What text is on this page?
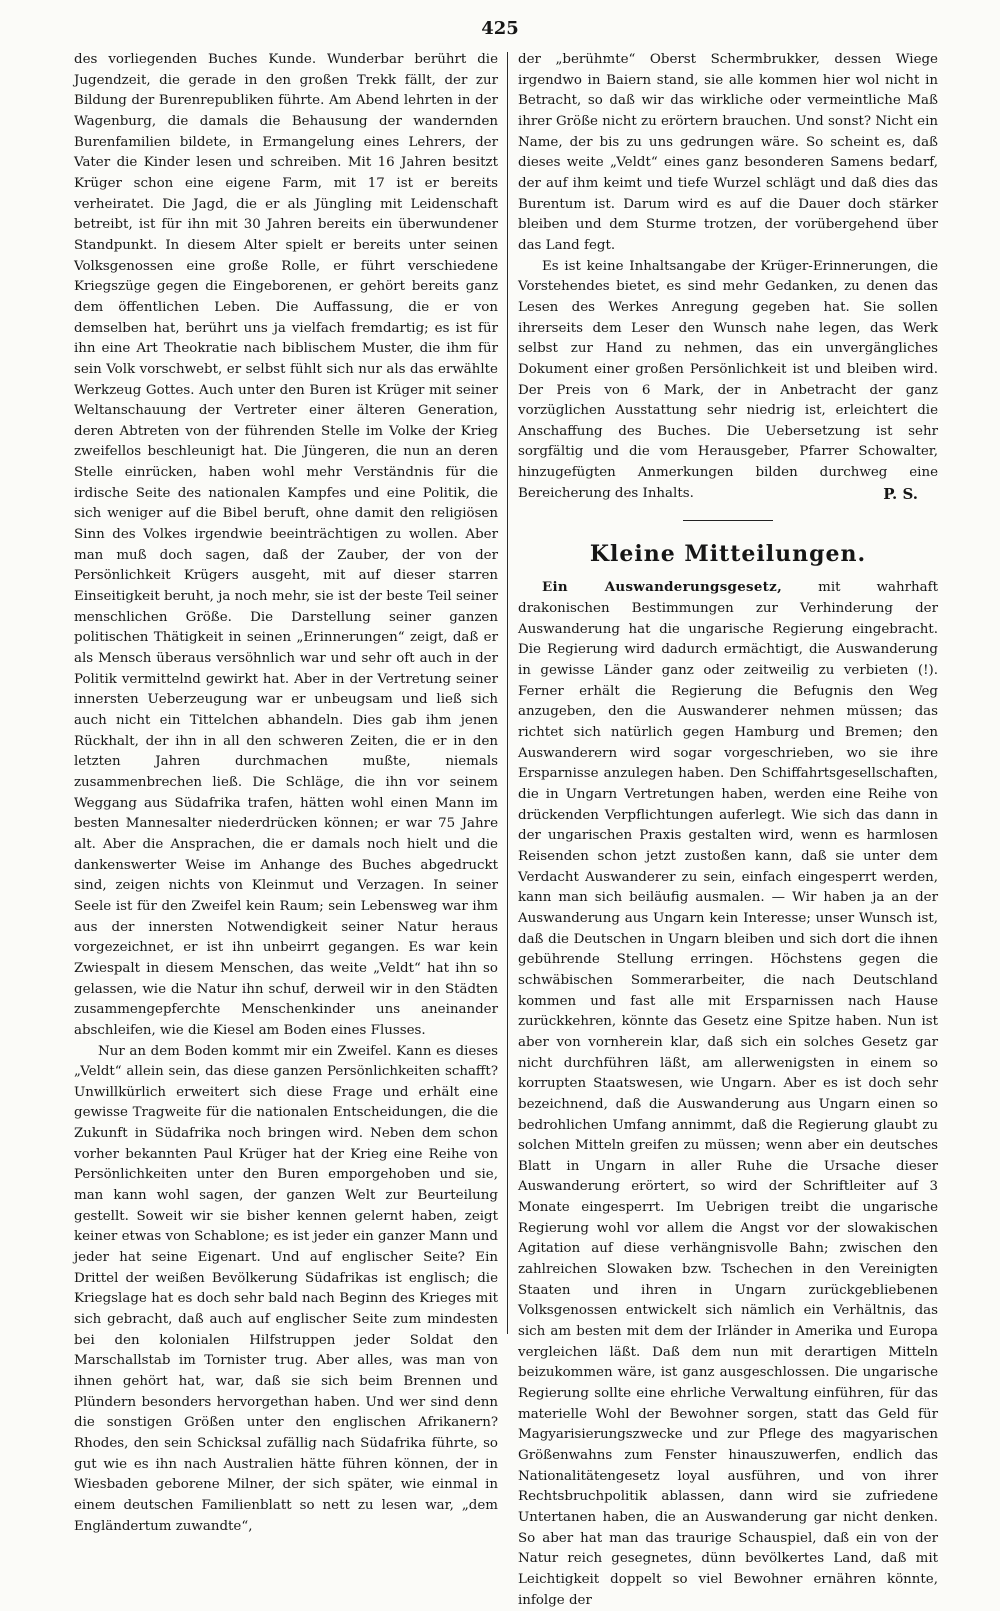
425

des vorliegenden Buches Kunde. Wunderbar berührt die Jugendzeit, die gerade in den großen Trekk fällt, der zur Bildung der Burenrepubliken führte. Am Abend lehrten in der Wagenburg, die damals die Behausung der wandernden Burenfamilien bildete, in Ermangelung eines Lehrers, der Vater die Kinder lesen und schreiben. Mit 16 Jahren besitzt Krüger schon eine eigene Farm, mit 17 ist er bereits verheiratet. Die Jagd, die er als Jüngling mit Leidenschaft betreibt, ist für ihn mit 30 Jahren bereits ein überwundener Standpunkt. In diesem Alter spielt er bereits unter seinen Volksgenossen eine große Rolle, er führt verschiedene Kriegszüge gegen die Eingeborenen, er gehört bereits ganz dem öffentlichen Leben. Die Auffassung, die er von demselben hat, berührt uns ja vielfach fremdartig; es ist für ihn eine Art Theokratie nach biblischem Muster, die ihm für sein Volk vorschwebt, er selbst fühlt sich nur als das erwählte Werkzeug Gottes. Auch unter den Buren ist Krüger mit seiner Weltanschauung der Vertreter einer älteren Generation, deren Abtreten von der führenden Stelle im Volke der Krieg zweifellos beschleunigt hat. Die Jüngeren, die nun an deren Stelle einrücken, haben wohl mehr Verständnis für die irdische Seite des nationalen Kampfes und eine Politik, die sich weniger auf die Bibel beruft, ohne damit den religiösen Sinn des Volkes irgendwie beeinträchtigen zu wollen. Aber man muß doch sagen, daß der Zauber, der von der Persönlichkeit Krügers ausgeht, mit auf dieser starren Einseitigkeit beruht, ja noch mehr, sie ist der beste Teil seiner menschlichen Größe. Die Darstellung seiner ganzen politischen Thätigkeit in seinen „Erinnerungen“ zeigt, daß er als Mensch überaus versöhnlich war und sehr oft auch in der Politik vermittelnd gewirkt hat. Aber in der Vertretung seiner innersten Ueberzeugung war er unbeugsam und ließ sich auch nicht ein Tittelchen abhandeln. Dies gab ihm jenen Rückhalt, der ihn in all den schweren Zeiten, die er in den letzten Jahren durchmachen mußte, niemals zusammenbrechen ließ. Die Schläge, die ihn vor seinem Weggang aus Südafrika trafen, hätten wohl einen Mann im besten Mannesalter niederdrücken können; er war 75 Jahre alt. Aber die Ansprachen, die er damals noch hielt und die dankenswerter Weise im Anhange des Buches abgedruckt sind, zeigen nichts von Kleinmut und Verzagen. In seiner Seele ist für den Zweifel kein Raum; sein Lebensweg war ihm aus der innersten Notwendigkeit seiner Natur heraus vorgezeichnet, er ist ihn unbeirrt gegangen. Es war kein Zwiespalt in diesem Menschen, das weite „Veldt“ hat ihn so gelassen, wie die Natur ihn schuf, derweil wir in den Städten zusammengepferchte Menschenkinder uns aneinander abschleifen, wie die Kiesel am Boden eines Flusses.

Nur an dem Boden kommt mir ein Zweifel. Kann es dieses „Veldt“ allein sein, das diese ganzen Persönlichkeiten schafft? Unwillkürlich erweitert sich diese Frage und erhält eine gewisse Tragweite für die nationalen Entscheidungen, die die Zukunft in Südafrika noch bringen wird. Neben dem schon vorher bekannten Paul Krüger hat der Krieg eine Reihe von Persönlichkeiten unter den Buren emporgehoben und sie, man kann wohl sagen, der ganzen Welt zur Beurteilung gestellt. Soweit wir sie bisher kennen gelernt haben, zeigt keiner etwas von Schablone; es ist jeder ein ganzer Mann und jeder hat seine Eigenart. Und auf englischer Seite? Ein Drittel der weißen Bevölkerung Südafrikas ist englisch; die Kriegslage hat es doch sehr bald nach Beginn des Krieges mit sich gebracht, daß auch auf englischer Seite zum mindesten bei den kolonialen Hilfstruppen jeder Soldat den Marschallstab im Tornister trug. Aber alles, was man von ihnen gehört hat, war, daß sie sich beim Brennen und Plündern besonders hervorgethan haben. Und wer sind denn die sonstigen Größen unter den englischen Afrikanern? Rhodes, den sein Schicksal zufällig nach Südafrika führte, so gut wie es ihn nach Australien hätte führen können, der in Wiesbaden geborene Milner, der sich später, wie einmal in einem deutschen Familienblatt so nett zu lesen war, „dem Engländertum zuwandte“,

der „berühmte“ Oberst Schermbrukker, dessen Wiege irgendwo in Baiern stand, sie alle kommen hier wol nicht in Betracht, so daß wir das wirkliche oder vermeintliche Maß ihrer Größe nicht zu erörtern brauchen. Und sonst? Nicht ein Name, der bis zu uns gedrungen wäre. So scheint es, daß dieses weite „Veldt“ eines ganz besonderen Samens bedarf, der auf ihm keimt und tiefe Wurzel schlägt und daß dies das Burentum ist. Darum wird es auf die Dauer doch stärker bleiben und dem Sturme trotzen, der vorübergehend über das Land fegt.

Es ist keine Inhaltsangabe der Krüger-Erinnerungen, die Vorstehendes bietet, es sind mehr Gedanken, zu denen das Lesen des Werkes Anregung gegeben hat. Sie sollen ihrerseits dem Leser den Wunsch nahe legen, das Werk selbst zur Hand zu nehmen, das ein unvergängliches Dokument einer großen Persönlichkeit ist und bleiben wird. Der Preis von 6 Mark, der in Anbetracht der ganz vorzüglichen Ausstattung sehr niedrig ist, erleichtert die Anschaffung des Buches. Die Uebersetzung ist sehr sorgfältig und die vom Herausgeber, Pfarrer Schowalter, hinzugefügten Anmerkungen bilden durchweg eine Bereicherung des Inhalts.	P. S.

Kleine Mitteilungen.

Ein Auswanderungsgesetz,	mit wahrhaft drakonischen Bestimmungen zur Verhinderung der Auswanderung hat die ungarische Regierung eingebracht. Die Regierung wird dadurch ermächtigt, die Auswanderung in gewisse Länder ganz oder zeitweilig zu verbieten (!). Ferner erhält die Regierung die Befugnis den Weg anzugeben, den die Auswanderer nehmen müssen; das richtet sich natürlich gegen Hamburg und Bremen; den Auswanderern wird sogar vorgeschrieben, wo sie ihre Ersparnisse anzulegen haben. Den Schiffahrtsgesellschaften, die in Ungarn Vertretungen haben, werden eine Reihe von drückenden Verpflichtungen auferlegt. Wie sich das dann in der ungarischen Praxis gestalten wird, wenn es harmlosen Reisenden schon jetzt zustoßen kann, daß sie unter dem Verdacht Auswanderer zu sein, einfach eingesperrt werden, kann man sich beiläufig ausmalen. — Wir haben ja an der Auswanderung aus Ungarn kein Interesse; unser Wunsch ist, daß die Deutschen in Ungarn bleiben und sich dort die ihnen gebührende Stellung erringen. Höchstens gegen die schwäbischen Sommerarbeiter, die nach Deutschland kommen und fast alle mit Ersparnissen nach Hause zurückkehren, könnte das Gesetz eine Spitze haben. Nun ist aber von vornherein klar, daß sich ein solches Gesetz gar nicht durchführen läßt, am allerwenigsten in einem so korrupten Staatswesen, wie Ungarn. Aber es ist doch sehr bezeichnend, daß die Auswanderung aus Ungarn einen so bedrohlichen Umfang annimmt, daß die Regierung glaubt zu solchen Mitteln greifen zu müssen; wenn aber ein deutsches Blatt in Ungarn in aller Ruhe die Ursache dieser Auswanderung erörtert, so wird der Schriftleiter auf 3 Monate eingesperrt. Im Uebrigen treibt die ungarische Regierung wohl vor allem die Angst vor der slowakischen Agitation auf diese verhängnisvolle Bahn; zwischen den zahlreichen Slowaken bzw. Tschechen in den Vereinigten Staaten und ihren in Ungarn zurückgebliebenen Volksgenossen entwickelt sich nämlich ein Verhältnis, das sich am besten mit dem der Irländer in Amerika und Europa vergleichen läßt. Daß dem nun mit derartigen Mitteln beizukommen wäre, ist ganz ausgeschlossen. Die ungarische Regierung sollte eine ehrliche Verwaltung einführen, für das materielle Wohl der Bewohner sorgen, statt das Geld für Magyarisierungszwecke und zur Pflege des magyarischen Größenwahns zum Fenster hinauszuwerfen, endlich das Nationalitätengesetz loyal ausführen, und von ihrer Rechtsbruchpolitik ablassen, dann wird sie zufriedene Untertanen haben, die an Auswanderung gar nicht denken. So aber hat man das traurige Schauspiel, daß ein von der Natur reich gesegnetes, dünn bevölkertes Land, daß mit Leichtigkeit doppelt so viel Bewohner ernähren könnte, infolge der
